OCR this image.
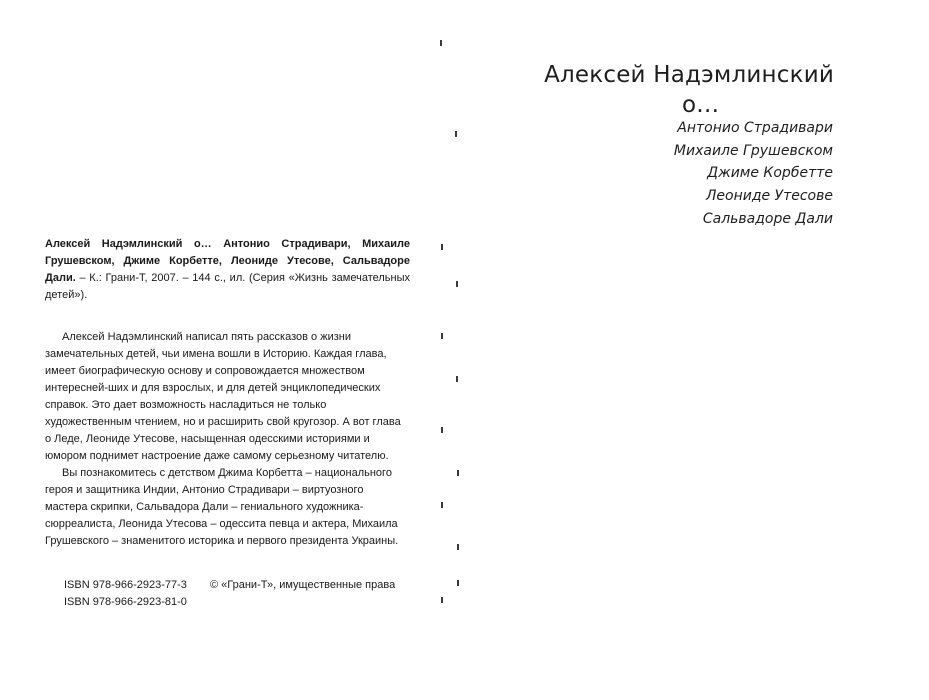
Алексей Надэмлинский о… Антонио Страдивари, Михаиле Грушевском, Джиме Корбетте, Леониде Утесове, Сальвадоре Дали. – К.: Грани-Т, 2007. – 144 с., ил. (Серия «Жизнь замечательных детей»).

Алексей Надэмлинский написал пять рассказов о жизни замечательных детей, чьи имена вошли в Историю. Каждая глава, имеет биографическую основу и сопровождается множеством интересней-ших и для взрослых, и для детей энциклопедических справок. Это дает возможность насладиться не только художественным чтением, но и расширить свой кругозор. А вот глава о Леде, Леониде Утесове, насыщенная одесскими историями и юмором поднимет настроение даже самому серьезному читателю.

Вы познакомитесь с детством Джима Корбетта – национального героя и защитника Индии, Антонио Страдивари – виртуозного мастера скрипки, Сальвадора Дали – гениального художника-сюрреалиста, Леонида Утесова – одессита певца и актера, Михаила Грушевского – знаменитого историка и первого президента Украины.

ISBN 978-966-2923-77-3
ISBN 978-966-2923-81-0
© «Грани-Т», имущественные права
Алексей Надэмлинский
о…
Антонио Страдивари
Михаиле Грушевском
Джиме Корбетте
Леониде Утесове
Сальвадоре Дали
